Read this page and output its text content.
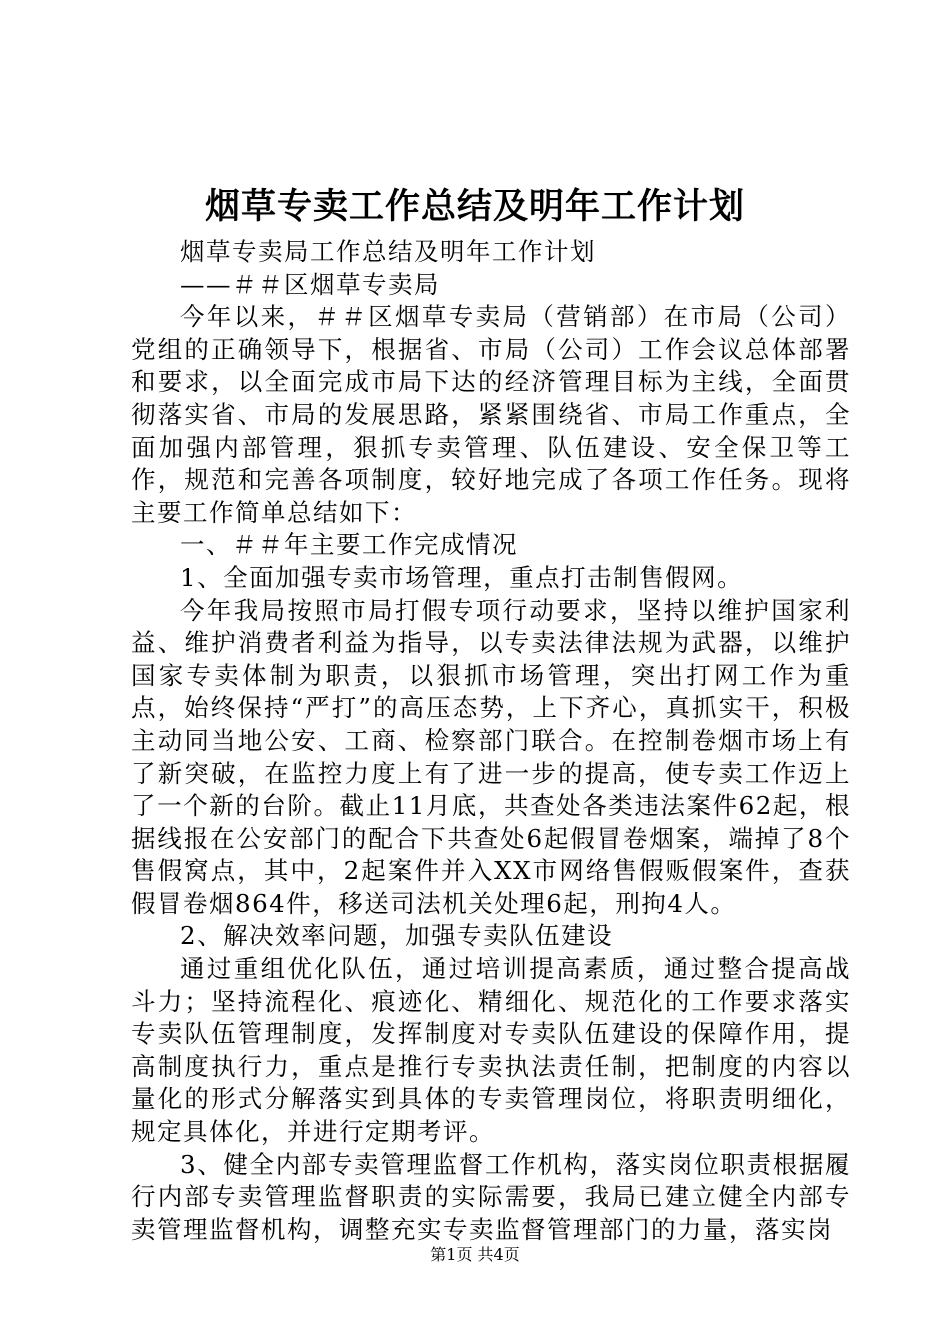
烟草专卖工作总结及明年工作计划

烟草专卖局工作总结及明年工作计划

——＃＃区烟草专卖局

今年以来，＃＃区烟草专卖局（营销部）在市局（公司）党组的正确领导下，根据省、市局（公司）工作会议总体部署和要求，以全面完成市局下达的经济管理目标为主线，全面贯彻落实省、市局的发展思路，紧紧围绕省、市局工作重点，全面加强内部管理，狠抓专卖管理、队伍建设、安全保卫等工作，规范和完善各项制度，较好地完成了各项工作任务。现将主要工作简单总结如下：

一、＃＃年主要工作完成情况

1、全面加强专卖市场管理，重点打击制售假网。

今年我局按照市局打假专项行动要求，坚持以维护国家利益、维护消费者利益为指导，以专卖法律法规为武器，以维护国家专卖体制为职责，以狠抓市场管理，突出打网工作为重点，始终保持“严打”的高压态势，上下齐心，真抓实干，积极主动同当地公安、工商、检察部门联合。在控制卷烟市场上有了新突破，在监控力度上有了进一步的提高，使专卖工作迈上了一个新的台阶。截止11月底，共查处各类违法案件62起，根据线报在公安部门的配合下共查处6起假冒卷烟案，端掉了8个售假窝点，其中，2起案件并入XX市网络售假贩假案件，查获假冒卷烟864件，移送司法机关处理6起，刑拘4人。

2、解决效率问题，加强专卖队伍建设

通过重组优化队伍，通过培训提高素质，通过整合提高战斗力；坚持流程化、痕迹化、精细化、规范化的工作要求落实专卖队伍管理制度，发挥制度对专卖队伍建设的保障作用，提高制度执行力，重点是推行专卖执法责任制，把制度的内容以量化的形式分解落实到具体的专卖管理岗位，将职责明细化，规定具体化，并进行定期考评。

3、健全内部专卖管理监督工作机构，落实岗位职责根据履行内部专卖管理监督职责的实际需要，我局已建立健全内部专卖管理监督机构，调整充实专卖监督管理部门的力量，落实岗

第1页 共4页
